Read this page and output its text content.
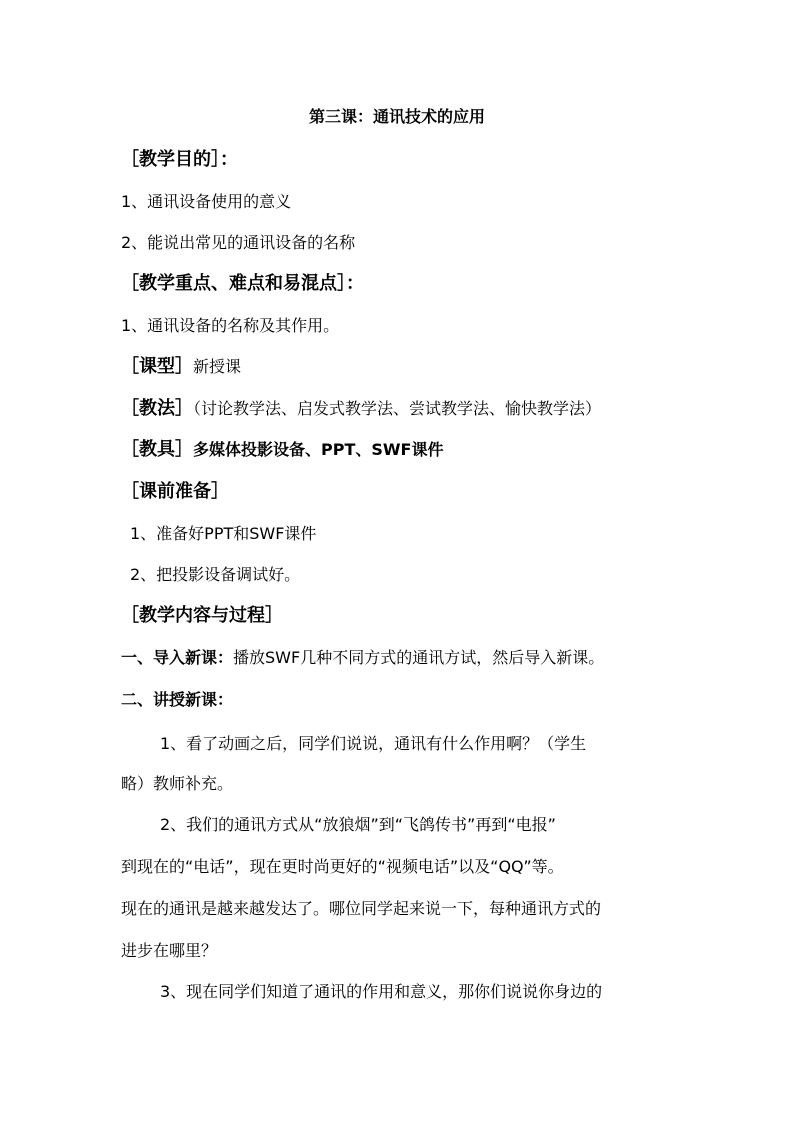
第三课：通讯技术的应用
［教学目的］：
1、通讯设备使用的意义
2、能说出常见的通讯设备的名称
［教学重点、难点和易混点］：
1、通讯设备的名称及其作用。
［课型］新授课
［教法］（讨论教学法、启发式教学法、尝试教学法、愉快教学法）
［教具］多媒体投影设备、PPT、SWF课件
［课前准备］
1、准备好PPT和SWF课件
2、把投影设备调试好。
［教学内容与过程］
一、导入新课：播放SWF几种不同方式的通讯方试，然后导入新课。
二、讲授新课：
1、看了动画之后，同学们说说，通讯有什么作用啊？（学生
略）教师补充。
2、我们的通讯方式从“放狼烟”到“飞鸽传书”再到“电报”
到现在的“电话”，现在更时尚更好的“视频电话”以及“QQ”等。
现在的通讯是越来越发达了。哪位同学起来说一下，每种通讯方式的
进步在哪里？
3、现在同学们知道了通讯的作用和意义，那你们说说你身边的
